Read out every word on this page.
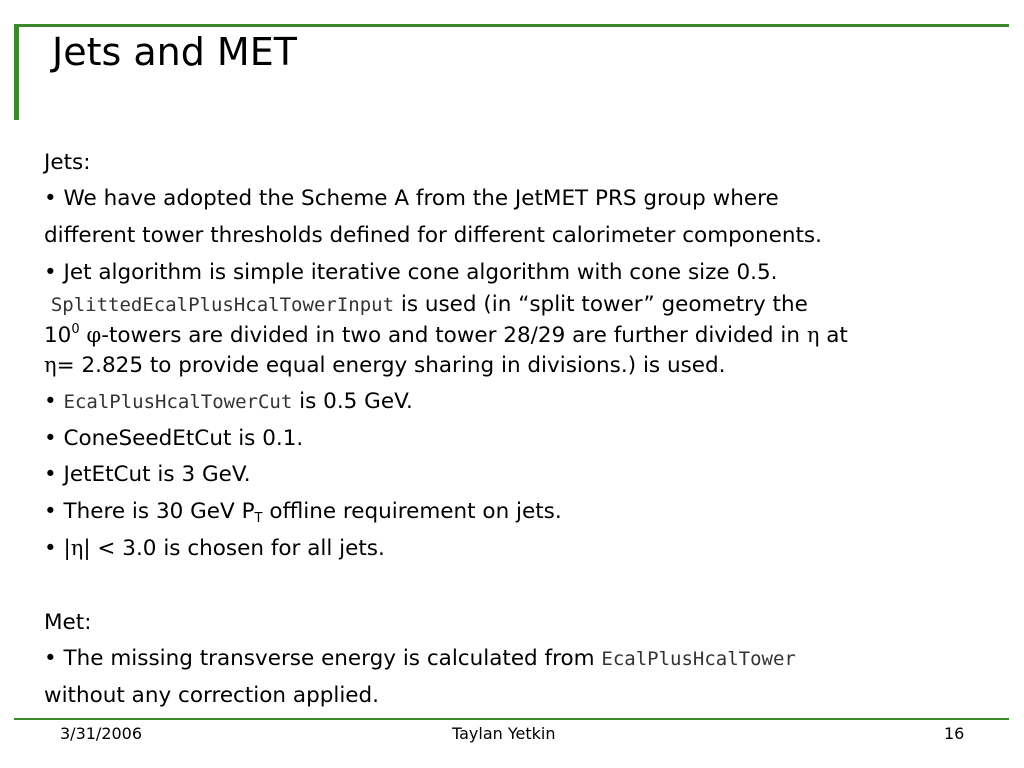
Jets and MET
Jets:
• We have adopted the Scheme A from the JetMET PRS group where
different tower thresholds defined for different calorimeter components.
• Jet algorithm is simple iterative cone algorithm with cone size 0.5.
SplittedEcalPlusHcalTowerInput is used (in “split tower” geometry the
$10^0$ φ-towers are divided in two and tower 28/29 are further divided in η at
η= 2.825 to provide equal energy sharing in divisions.) is used.
• EcalPlusHcalTowerCut is 0.5 GeV.
• ConeSeedEtCut is 0.1.
• JetEtCut is 3 GeV.
• There is 30 GeV $P_T$ offline requirement on jets.
• |η| < 3.0 is chosen for all jets.
Met:
• The missing transverse energy is calculated from EcalPlusHcalTower
without any correction applied.
3/31/2006	Taylan Yetkin	16
